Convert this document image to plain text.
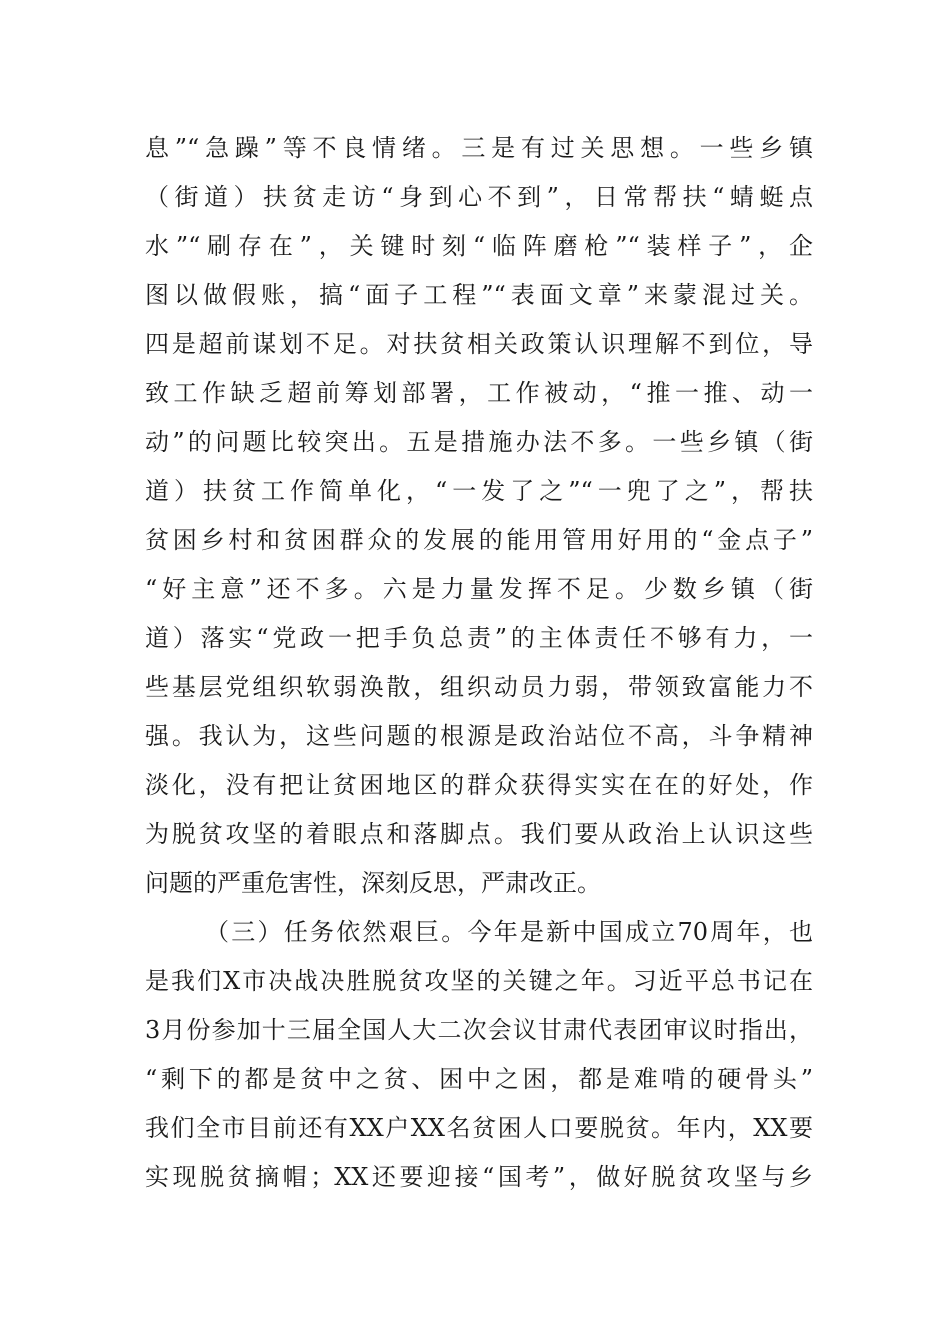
息”“急躁”等不良情绪。三是有过关思想。一些乡镇
（街道）扶贫走访“身到心不到”，日常帮扶“蜻蜓点
水”“刷存在”，关键时刻“临阵磨枪”“装样子”，企
图以做假账，搞“面子工程”“表面文章”来蒙混过关。
四是超前谋划不足。对扶贫相关政策认识理解不到位，导
致工作缺乏超前筹划部署，工作被动，“推一推、动一
动”的问题比较突出。五是措施办法不多。一些乡镇（街
道）扶贫工作简单化，“一发了之”“一兜了之”，帮扶
贫困乡村和贫困群众的发展的能用管用好用的“金点子”
“好主意”还不多。六是力量发挥不足。少数乡镇（街
道）落实“党政一把手负总责”的主体责任不够有力，一
些基层党组织软弱涣散，组织动员力弱，带领致富能力不
强。我认为，这些问题的根源是政治站位不高，斗争精神
淡化，没有把让贫困地区的群众获得实实在在的好处，作
为脱贫攻坚的着眼点和落脚点。我们要从政治上认识这些
问题的严重危害性，深刻反思，严肃改正。
（三）任务依然艰巨。今年是新中国成立70周年，也
是我们X市决战决胜脱贫攻坚的关键之年。习近平总书记在
3月份参加十三届全国人大二次会议甘肃代表团审议时指出，
“剩下的都是贫中之贫、困中之困，都是难啃的硬骨头”
我们全市目前还有XX户XX名贫困人口要脱贫。年内，XX要
实现脱贫摘帽；XX还要迎接“国考”，做好脱贫攻坚与乡
